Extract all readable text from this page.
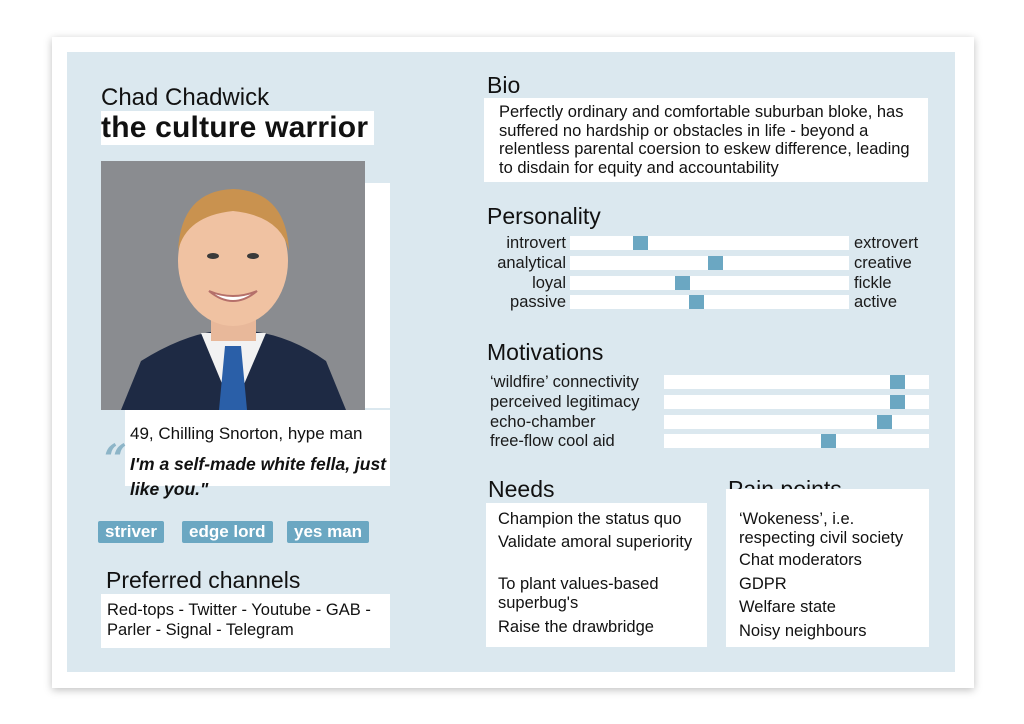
Chad Chadwick
the culture warrior
49, Chilling Snorton, hype man
“ I'm a self-made white fella, just like you."
striver	edge lord	yes man
Preferred channels
Red-tops - Twitter - Youtube - GAB - Parler - Signal - Telegram
Bio
Perfectly ordinary and comfortable suburban bloke, has suffered no hardship or obstacles in life - beyond a relentless parental coersion to eskew difference, leading to disdain for equity and accountability
Personality
introvert	extrovert
analytical	creative
loyal	fickle
passive	active
Motivations
‘wildfire’ connectivity
perceived legitimacy
echo-chamber
free-flow cool aid
Needs
Champion the status quo
Validate amoral superiority
To plant values-based superbug's
Raise the drawbridge
‘Wokeness’, i.e. respecting civil society
Chat moderators
GDPR
Welfare state
Noisy neighbours
